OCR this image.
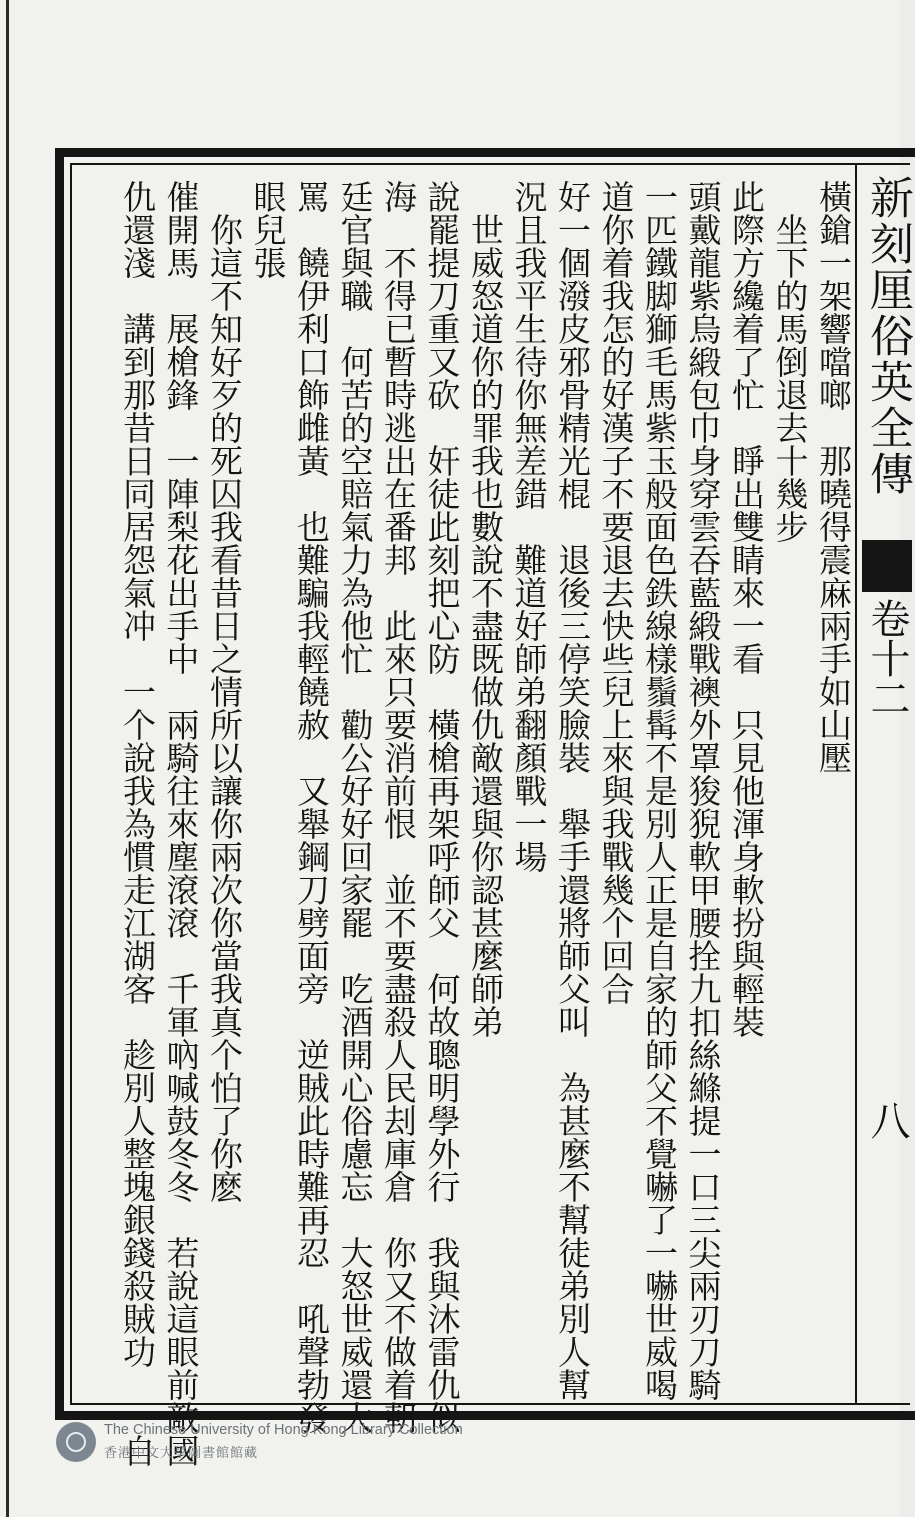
新刻厘俗英全傳
卷十二
八
橫鎗一架響噹啷　那曉得震麻兩手如山壓
　坐下的馬倒退去十幾步
此際方纔着了忙　睜出雙睛來一看　只見他渾身軟扮與輕裝
頭戴龍紫烏緞包巾身穿雲吞藍緞戰襖外罩狻猊軟甲腰拴九扣絲縧提一口三尖兩刃刀騎
一匹鐵脚獅毛馬紫玉般面色鉄線樣鬚髯不是別人正是自家的師父不覺嚇了一嚇世威喝
道你着我怎的好漢子不要退去快些兒上來與我戰幾个回合
好一個潑皮邪骨精光棍　退後三停笑臉裝　舉手還將師父叫　為甚麼不幫徒弟別人幫
況且我平生待你無差錯　難道好師弟翻顏戰一場
　世威怒道你的罪我也數說不盡既做仇敵還與你認甚麼師弟
說罷提刀重又砍　奸徒此刻把心防　橫槍再架呼師父　何故聰明學外行　我與沐雷仇似
海　不得已暫時逃出在番邦　此來只要消前恨　並不要盡殺人民刦庫倉　你又不做着朝
廷官與職　何苦的空賠氣力為他忙　勸公好好回家罷　吃酒開心俗慮忘　大怒世威還大
罵　饒伊利口飾雌黃　也難騙我輕饒赦　又舉鋼刀劈面旁　逆賊此時難再忍　吼聲勃發
眼兒張
　你這不知好歹的死囚我看昔日之情所以讓你兩次你當我真个怕了你麽
催開馬　展槍鋒　一陣梨花出手中　兩騎往來塵滾滾　千軍吶喊鼓冬冬　若說這眼前敵國
仇還淺　講到那昔日同居怨氣冲　一个說我為慣走江湖客　趁別人整塊銀錢殺賊功　一自
The Chinese University of Hong Kong Library Collection
香港中文大學圖書館館藏
